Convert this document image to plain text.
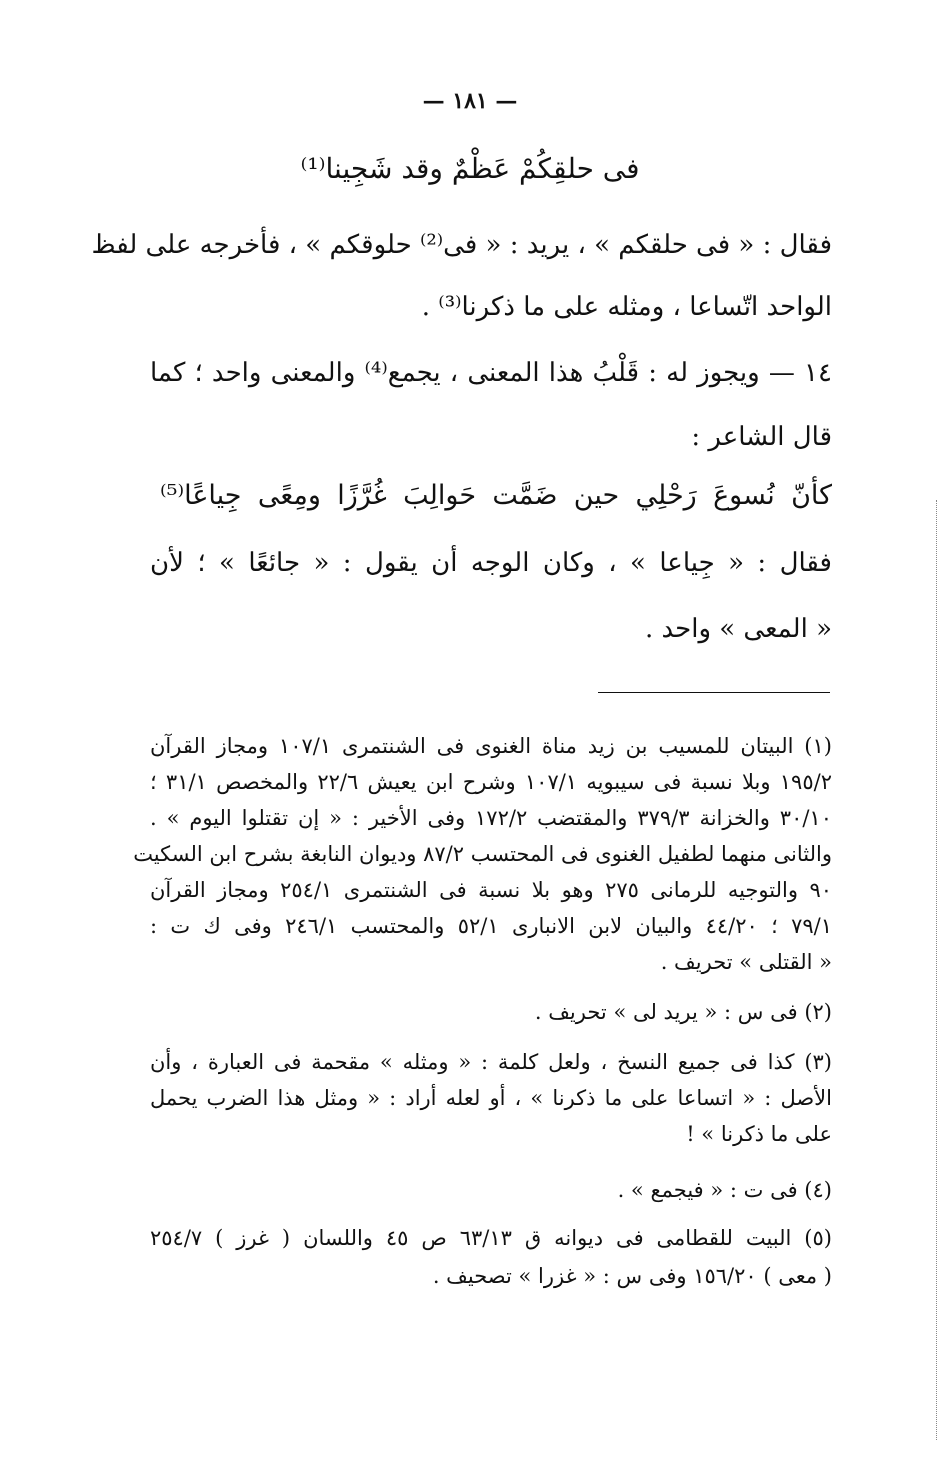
— ١٨١ —
فى حلقِكُمْ عَظْمٌ وقد شَجِينا⁽¹⁾
فقال : « فى حلقكم » ، يريد : « فى⁽²⁾ حلوقكم » ، فأخرجه على لفظ
الواحد اتّساعا ، ومثله على ما ذكرنا⁽³⁾ .
١٤ — ويجوز له : قَلْبُ هذا المعنى ، يجمع⁽⁴⁾ والمعنى واحد ؛ كما
قال الشاعر :
كأنّ نُسوعَ رَحْلِي حين ضَمَّت حَوالِبَ غُرَّزًا ومِعًى جِياعًا⁽⁵⁾
فقال : « جِياعا » ، وكان الوجه أن يقول : « جائعًا » ؛ لأن
« المعى » واحد .
(١) البيتان للمسيب بن زيد مناة الغنوى فى الشنتمرى ١٠٧/١ ومجاز القرآن
١٩٥/٢ وبلا نسبة فى سيبويه ١٠٧/١ وشرح ابن يعيش ٢٢/٦ والمخصص ٣١/١ ؛
٣٠/١٠ والخزانة ٣٧٩/٣ والمقتضب ١٧٢/٢ وفى الأخير : « إن تقتلوا اليوم » .
والثانى منهما لطفيل الغنوى فى المحتسب ٨٧/٢ وديوان النابغة بشرح ابن السكيت
٩٠ والتوجيه للرمانى ٢٧٥ وهو بلا نسبة فى الشنتمرى ٢٥٤/١ ومجاز القرآن
٧٩/١ ؛ ٤٤/٢٠ والبيان لابن الانبارى ٥٢/١ والمحتسب ٢٤٦/١ وفى ك ت :
« القتلى » تحريف .
(٢) فى س : « يريد لى » تحريف .
(٣) كذا فى جميع النسخ ، ولعل كلمة : « ومثله » مقحمة فى العبارة ، وأن
الأصل : « اتساعا على ما ذكرنا » ، أو لعله أراد : « ومثل هذا الضرب يحمل
على ما ذكرنا » !
(٤) فى ت : « فيجمع » .
(٥) البيت للقطامى فى ديوانه ق ٦٣/١٣ ص ٤٥ واللسان ( غرز ) ٢٥٤/٧
( معى ) ١٥٦/٢٠ وفى س : « غزرا » تصحيف .
